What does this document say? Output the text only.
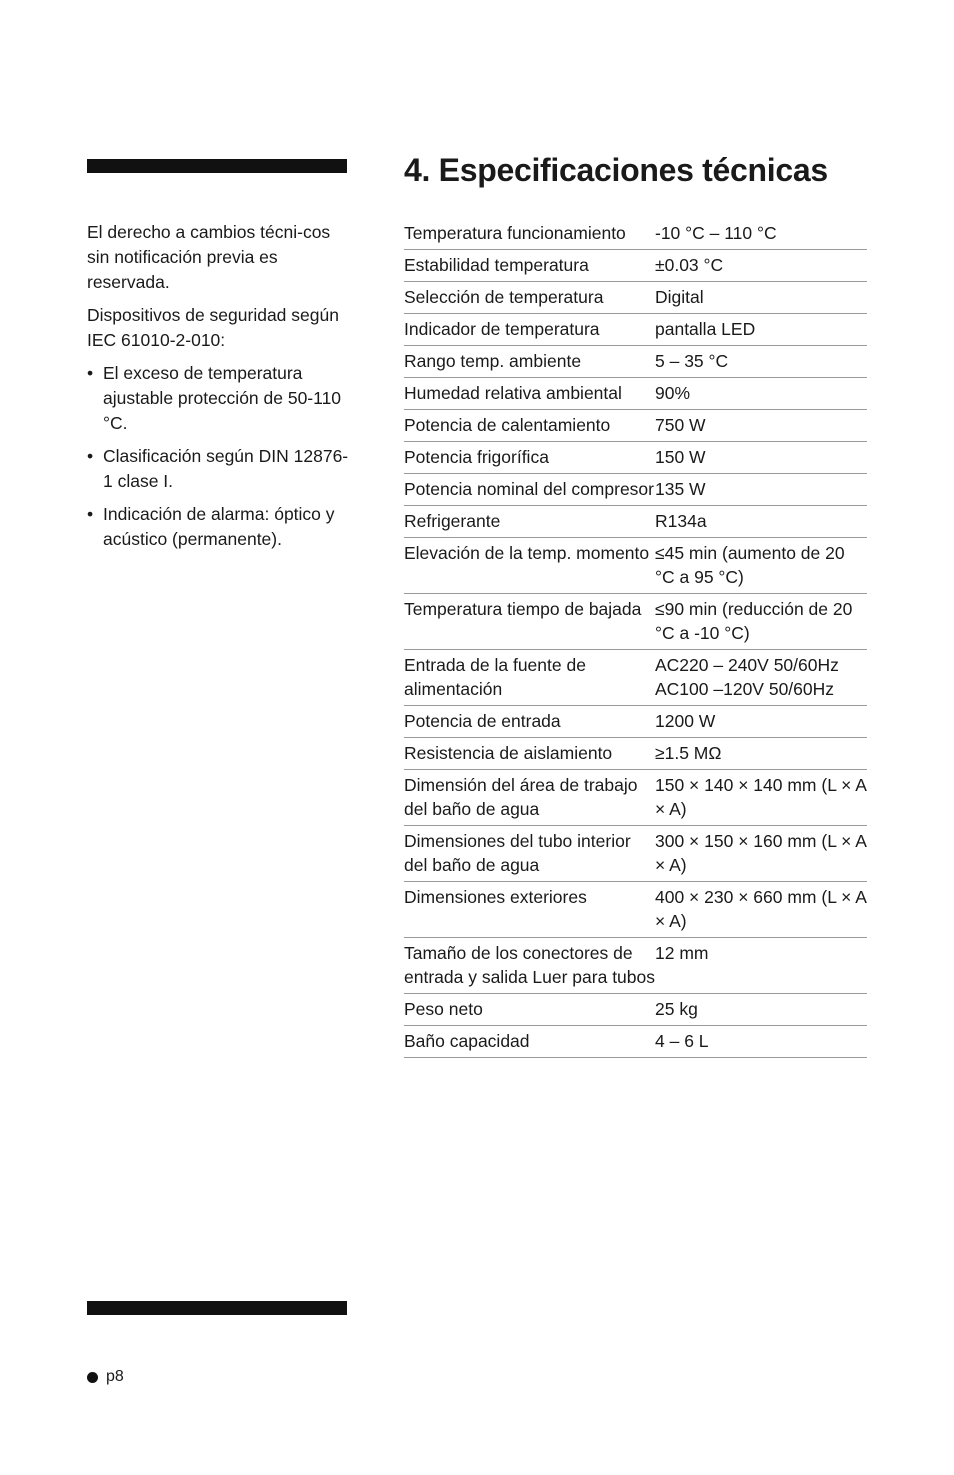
El derecho a cambios técni-cos sin notificación previa es reservada.

Dispositivos de seguridad según IEC 61010-2-010:

• El exceso de temperatura ajustable protección de 50-110 °C.
• Clasificación según DIN 12876-1 clase I.
• Indicación de alarma: óptico y acústico (permanente).
4. Especificaciones técnicas
Temperatura funcionamiento	-10 °C – 110 °C
Estabilidad temperatura	±0.03 °C
Selección de temperatura	Digital
Indicador de temperatura	pantalla LED
Rango temp. ambiente	5 – 35 °C
Humedad relativa ambiental	90%
Potencia de calentamiento	750 W
Potencia frigorífica	150 W
Potencia nominal del compresor	135 W
Refrigerante	R134a
Elevación de la temp. momento	≤45 min (aumento de 20 °C a 95 °C)
Temperatura tiempo de bajada	≤90 min (reducción de 20 °C a -10 °C)
Entrada de la fuente de alimentación	AC220 – 240V 50/60Hz
AC100 –120V 50/60Hz
Potencia de entrada	1200 W
Resistencia de aislamiento	≥1.5 MΩ
Dimensión del área de trabajo del baño de agua	150 × 140 × 140 mm (L × A × A)
Dimensiones del tubo interior del baño de agua	300 × 150 × 160 mm (L × A × A)
Dimensiones exteriores	400 × 230 × 660 mm (L × A × A)
Tamaño de los conectores de entrada y salida Luer para tubos	12 mm
Peso neto	25 kg
Baño capacidad	4 – 6 L
p8
